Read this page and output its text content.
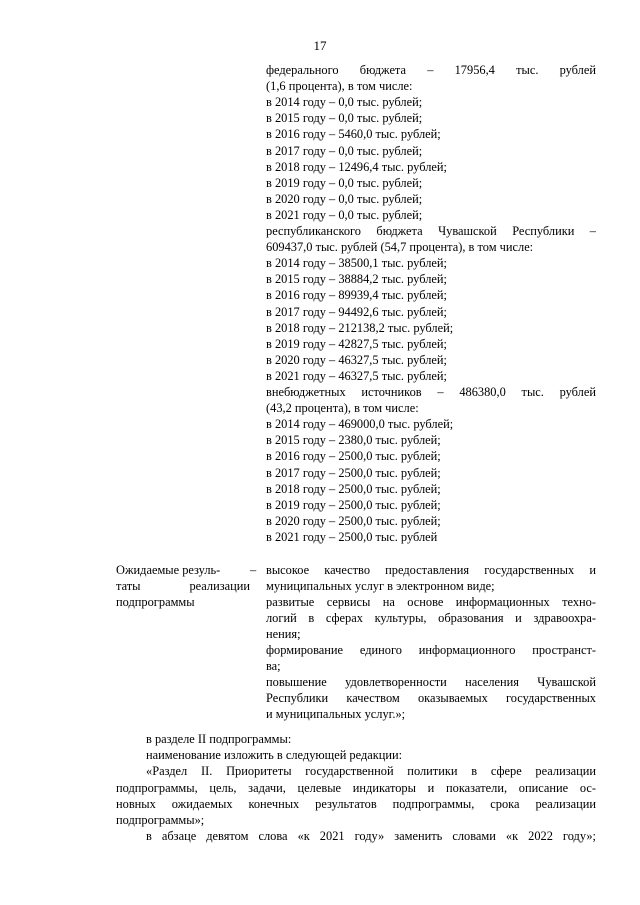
17
федерального бюджета – 17956,4 тыс. рублей
(1,6 процента), в том числе:
в 2014 году – 0,0 тыс. рублей;
в 2015 году – 0,0 тыс. рублей;
в 2016 году – 5460,0 тыс. рублей;
в 2017 году – 0,0 тыс. рублей;
в 2018 году – 12496,4 тыс. рублей;
в 2019 году – 0,0 тыс. рублей;
в 2020 году – 0,0 тыс. рублей;
в 2021 году – 0,0 тыс. рублей;
республиканского бюджета Чувашской Республики –
609437,0 тыс. рублей (54,7 процента), в том числе:
в 2014 году – 38500,1 тыс. рублей;
в 2015 году – 38884,2 тыс. рублей;
в 2016 году – 89939,4 тыс. рублей;
в 2017 году – 94492,6 тыс. рублей;
в 2018 году – 212138,2 тыс. рублей;
в 2019 году – 42827,5 тыс. рублей;
в 2020 году – 46327,5 тыс. рублей;
в 2021 году – 46327,5 тыс. рублей;
внебюджетных источников – 486380,0 тыс. рублей
(43,2 процента), в том числе:
в 2014 году – 469000,0 тыс. рублей;
в 2015 году – 2380,0 тыс. рублей;
в 2016 году – 2500,0 тыс. рублей;
в 2017 году – 2500,0 тыс. рублей;
в 2018 году – 2500,0 тыс. рублей;
в 2019 году – 2500,0 тыс. рублей;
в 2020 году – 2500,0 тыс. рублей;
в 2021 году – 2500,0 тыс. рублей
Ожидаемые резуль-
таты реализации
подпрограммы
– высокое качество предоставления государственных и
муниципальных услуг в электронном виде;
развитые сервисы на основе информационных техно-
логий в сферах культуры, образования и здравоохра-
нения;
формирование единого информационного пространст-
ва;
повышение удовлетворенности населения Чувашской
Республики качеством оказываемых государственных
и муниципальных услуг.»;
в разделе II подпрограммы:
наименование изложить в следующей редакции:
«Раздел II. Приоритеты государственной политики в сфере реализации
подпрограммы, цель, задачи, целевые индикаторы и показатели, описание ос-
новных ожидаемых конечных результатов подпрограммы, срока реализации
подпрограммы»;
в абзаце девятом слова «к 2021 году» заменить словами «к 2022 году»;
